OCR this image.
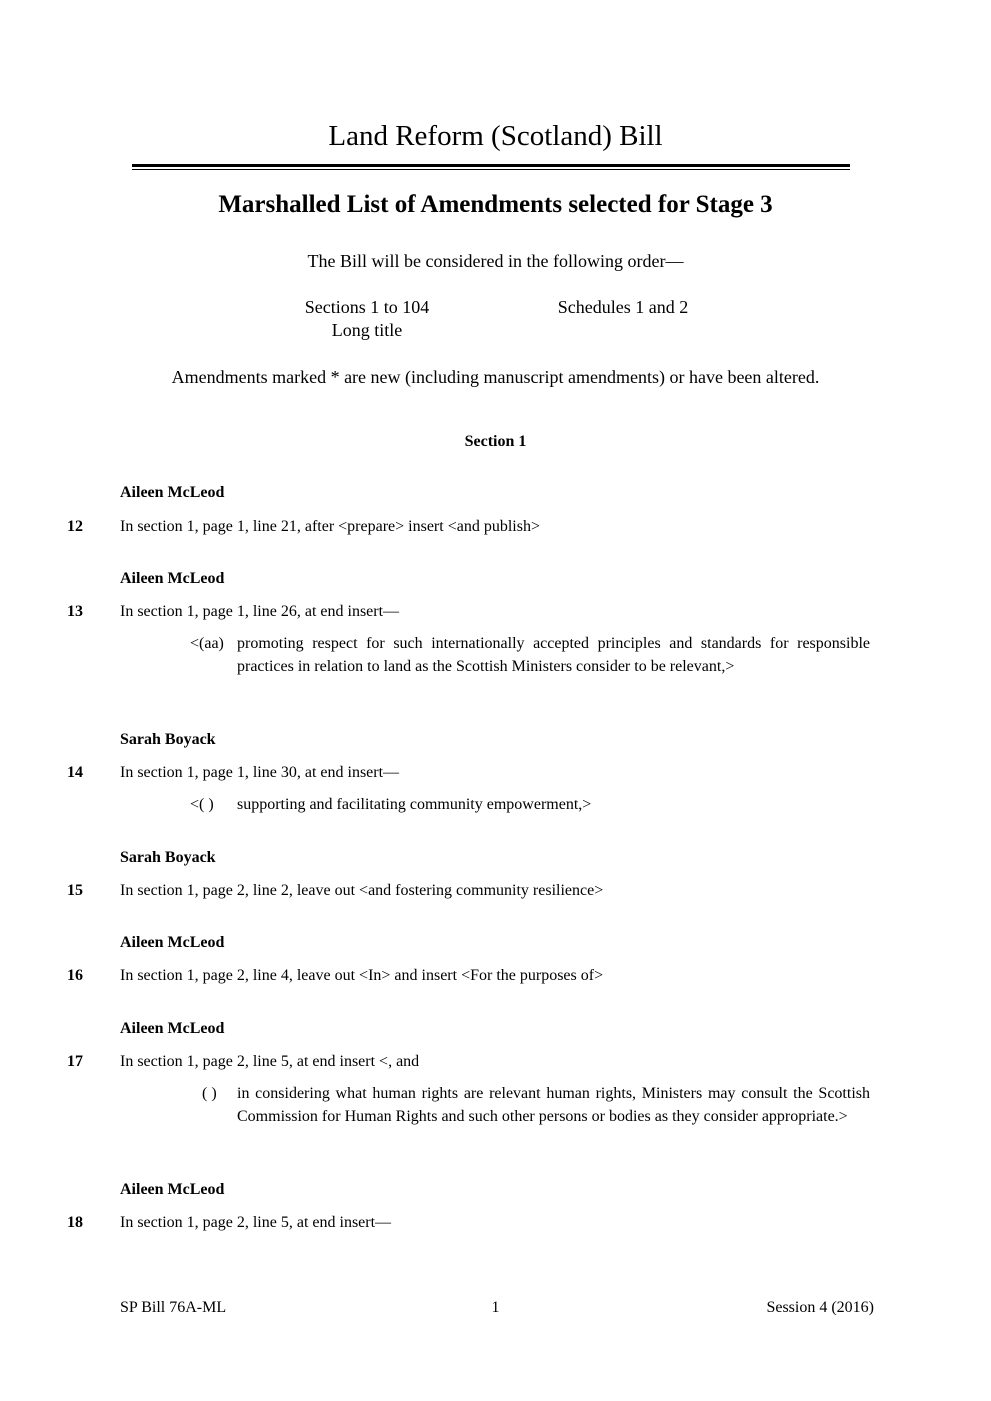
Land Reform (Scotland) Bill
Marshalled List of Amendments selected for Stage 3
The Bill will be considered in the following order—
Sections 1 to 104
Long title
Schedules 1 and 2
Amendments marked * are new (including manuscript amendments) or have been altered.
Section 1
Aileen McLeod
12 In section 1, page 1, line 21, after <prepare> insert <and publish>
Aileen McLeod
13 In section 1, page 1, line 26, at end insert—
<(aa) promoting respect for such internationally accepted principles and standards for responsible practices in relation to land as the Scottish Ministers consider to be relevant,>
Sarah Boyack
14 In section 1, page 1, line 30, at end insert—
<( ) supporting and facilitating community empowerment,>
Sarah Boyack
15 In section 1, page 2, line 2, leave out <and fostering community resilience>
Aileen McLeod
16 In section 1, page 2, line 4, leave out <In> and insert <For the purposes of>
Aileen McLeod
17 In section 1, page 2, line 5, at end insert <, and
( ) in considering what human rights are relevant human rights, Ministers may consult the Scottish Commission for Human Rights and such other persons or bodies as they consider appropriate.>
Aileen McLeod
18 In section 1, page 2, line 5, at end insert—
SP Bill 76A-ML	1	Session 4 (2016)
